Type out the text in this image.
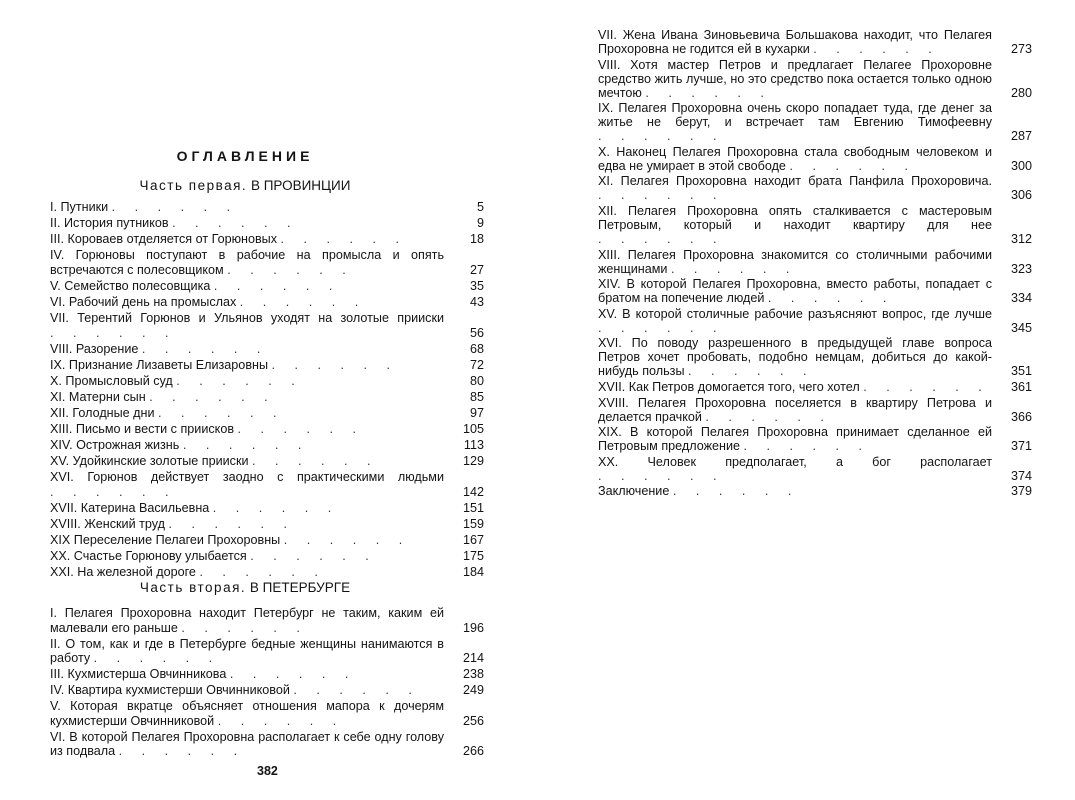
ОГЛАВЛЕНИЕ
Часть первая. В ПРОВИНЦИИ
I. Путники . . . . . .	5
II. История путников . . . . . .	9
III. Короваев отделяется от Горюновых . . . . . .	18
IV. Горюновы поступают в рабочие на промысла и опять встречаются с полесовщиком . . . . . .	27
V. Семейство полесовщика . . . . . .	35
VI. Рабочий день на промыслах . . . . . .	43
VII. Терентий Горюнов и Ульянов уходят на золотые прииски . . . . . .	56
VIII. Разорение . . . . . .	68
IX. Признание Лизаветы Елизаровны . . . . . .	72
X. Промысловый суд . . . . . .	80
XI. Матерни сын . . . . . .	85
XII. Голодные дни . . . . . .	97
XIII. Письмо и вести с приисков . . . . . .	105
XIV. Острожная жизнь . . . . . .	113
XV. Удойкинские золотые прииски . . . . . .	129
XVI. Горюнов действует заодно с практическими людьми . . . . . .	142
XVII. Катерина Васильевна . . . . . .	151
XVIII. Женский труд . . . . . .	159
XIX Переселение Пелагеи Прохоровны . . . . . .	167
XX. Счастье Горюнову улыбается . . . . . .	175
XXI. На железной дороге . . . . . .	184
Часть вторая. В ПЕТЕРБУРГЕ
I. Пелагея Прохоровна находит Петербург не таким, каким ей малевали его раньше . . . . . .	196
II. О том, как и где в Петербурге бедные женщины нанимаются в работу . . . . . .	214
III. Кухмистерша Овчинникова . . . . . .	238
IV. Квартира кухмистерши Овчинниковой . . . . . .	249
V. Которая вкратце объясняет отношения мапора к дочерям кухмистерши Овчинниковой . . . . . .	256
VI. В которой Пелагея Прохоровна располагает к себе одну голову из подвала . . . . . .	266
382
VII. Жена Ивана Зиновьевича Большакова находит, что Пелагея Прохоровна не годится ей в кухарки . . . . . .	273
VIII. Хотя мастер Петров и предлагает Пелагее Прохоровне средство жить лучше, но это средство пока остается только одною мечтою . . . . . .	280
IX. Пелагея Прохоровна очень скоро попадает туда, где денег за житье не берут, и встречает там Евгению Тимофеевну . . . . . .	287
X. Наконец Пелагея Прохоровна стала свободным человеком и едва не умирает в этой свободе . . . . . .	300
XI. Пелагея Прохоровна находит брата Панфила Прохоровича. . . . . . .	306
XII. Пелагея Прохоровна опять сталкивается с мастеровым Петровым, который и находит квартиру для нее . . . . . .	312
XIII. Пелагея Прохоровна знакомится со столичными рабочими женщинами . . . . . .	323
XIV. В которой Пелагея Прохоровна, вместо работы, попадает с братом на попечение людей . . . . . .	334
XV. В которой столичные рабочие разъясняют вопрос, где лучше . . . . . .	345
XVI. По поводу разрешенного в предыдущей главе вопроса Петров хочет пробовать, подобно немцам, добиться до какой-нибудь пользы . . . . . .	351
XVII. Как Петров домогается того, чего хотел . . . . . .	361
XVIII. Пелагея Прохоровна поселяется в квартиру Петрова и делается прачкой . . . . . .	366
XIX. В которой Пелагея Прохоровна принимает сделанное ей Петровым предложение . . . . . .	371
XX. Человек предполагает, а бог располагает . . . . . .	374
Заключение . . . . . .	379
